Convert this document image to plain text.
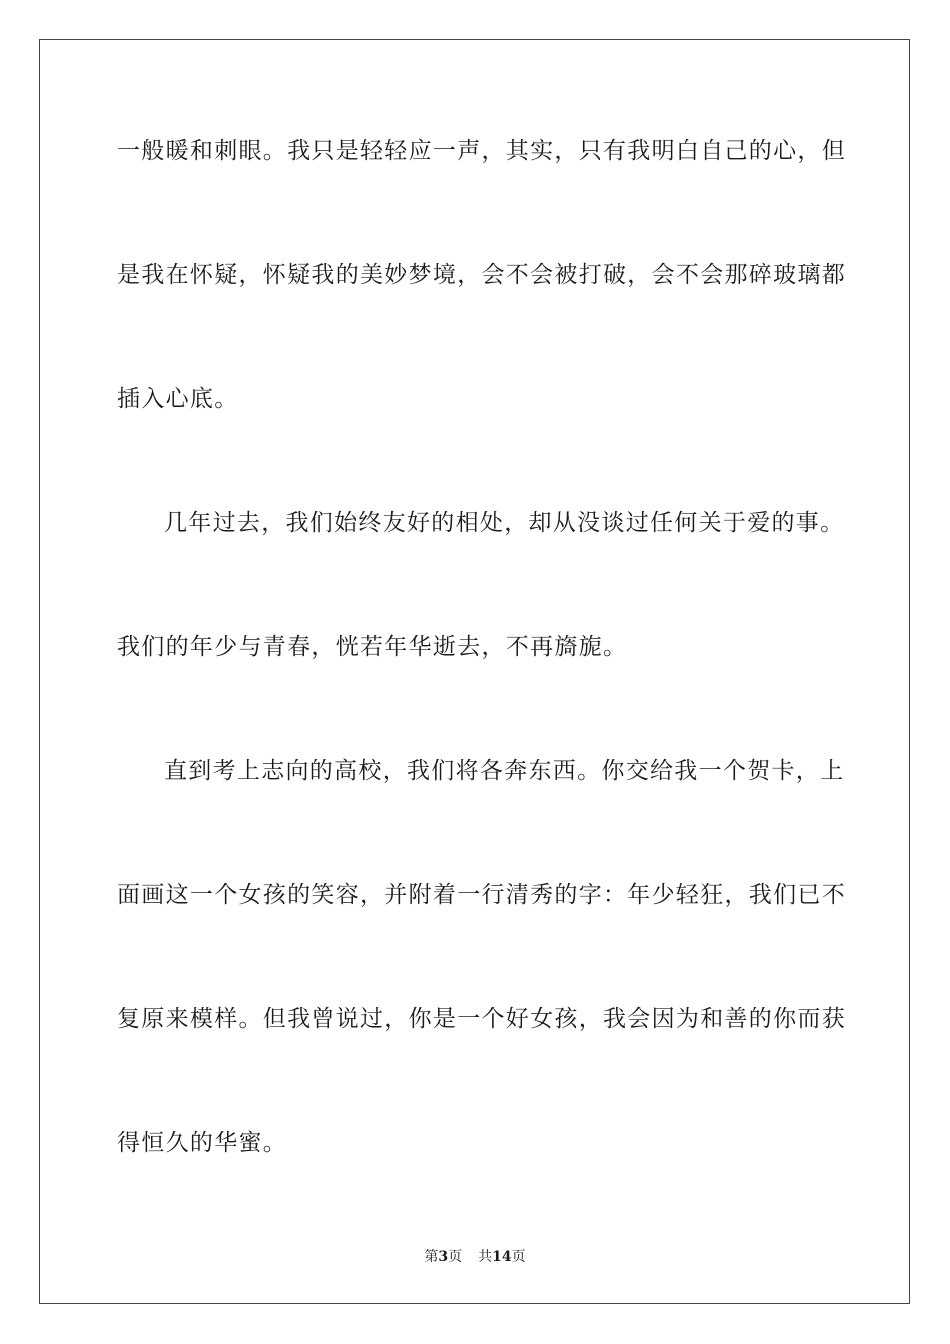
一般暖和刺眼。我只是轻轻应一声，其实，只有我明白自己的心，但
是我在怀疑，怀疑我的美妙梦境，会不会被打破，会不会那碎玻璃都
插入心底。
几年过去，我们始终友好的相处，却从没谈过任何关于爱的事。
我们的年少与青春，恍若年华逝去，不再旖旎。
直到考上志向的高校，我们将各奔东西。你交给我一个贺卡，上
面画这一个女孩的笑容，并附着一行清秀的字：年少轻狂，我们已不
复原来模样。但我曾说过，你是一个好女孩，我会因为和善的你而获
得恒久的华蜜。
第3页 共14页
